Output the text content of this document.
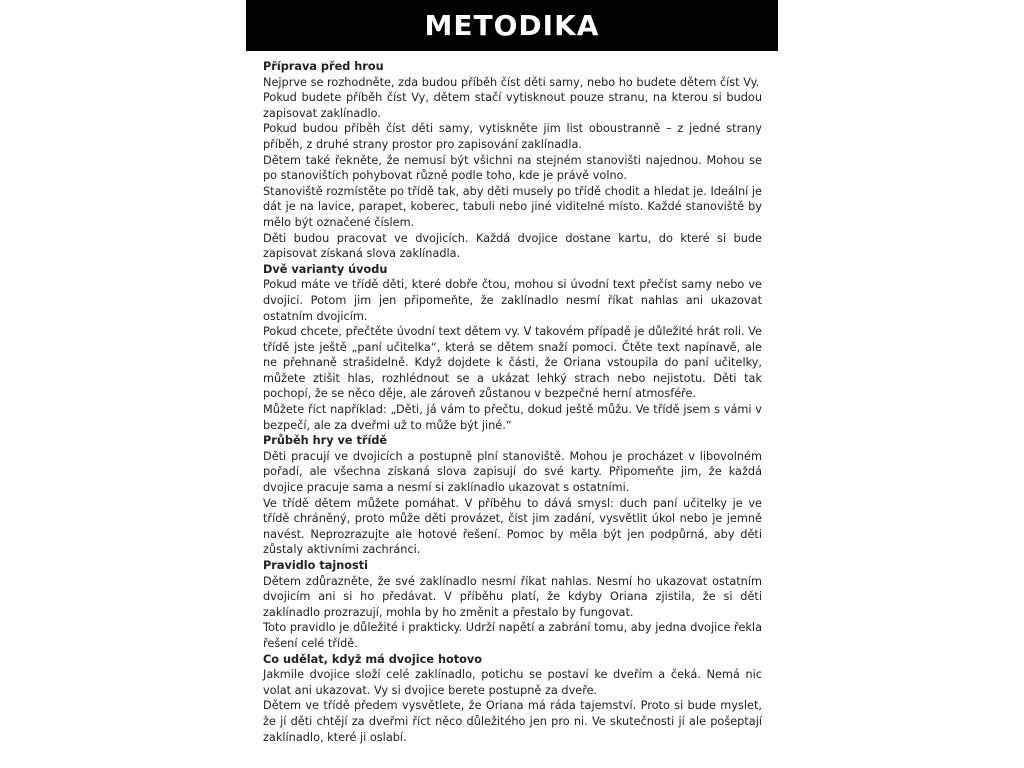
METODIKA

Příprava před hrou

Nejprve se rozhodněte, zda budou příběh číst děti samy, nebo ho budete dětem číst Vy.

Pokud budete příběh číst Vy, dětem stačí vytisknout pouze stranu, na kterou si budou zapisovat zaklínadlo.

Pokud budou příběh číst děti samy, vytiskněte jim list oboustranně – z jedné strany příběh, z druhé strany prostor pro zapisování zaklínadla.

Dětem také řekněte, že nemusí být všichni na stejném stanovišti najednou. Mohou se po stanovištích pohybovat různě podle toho, kde je právě volno.

Stanoviště rozmístěte po třídě tak, aby děti musely po třídě chodit a hledat je. Ideální je dát je na lavice, parapet, koberec, tabuli nebo jiné viditelné místo. Každé stanoviště by mělo být označené číslem.

Děti budou pracovat ve dvojicích. Každá dvojice dostane kartu, do které si bude zapisovat získaná slova zaklínadla.

Dvě varianty úvodu

Pokud máte ve třídě děti, které dobře čtou, mohou si úvodní text přečíst samy nebo ve dvojici. Potom jim jen připomeňte, že zaklínadlo nesmí říkat nahlas ani ukazovat ostatním dvojicím.

Pokud chcete, přečtěte úvodní text dětem vy. V takovém případě je důležité hrát roli. Ve třídě jste ještě „paní učitelka“, která se dětem snaží pomoci. Čtěte text napínavě, ale ne přehnaně strašidelně. Když dojdete k části, že Oriana vstoupila do paní učitelky, můžete ztišit hlas, rozhlédnout se a ukázat lehký strach nebo nejistotu. Děti tak pochopí, že se něco děje, ale zároveň zůstanou v bezpečné herní atmosféře.

Můžete říct například: „Děti, já vám to přečtu, dokud ještě můžu. Ve třídě jsem s vámi v bezpečí, ale za dveřmi už to může být jiné.“

Průběh hry ve třídě

Děti pracují ve dvojicích a postupně plní stanoviště. Mohou je procházet v libovolném pořadí, ale všechna získaná slova zapisují do své karty. Připomeňte jim, že každá dvojice pracuje sama a nesmí si zaklínadlo ukazovat s ostatními.

Ve třídě dětem můžete pomáhat. V příběhu to dává smysl: duch paní učitelky je ve třídě chráněný, proto může děti provázet, číst jim zadání, vysvětlit úkol nebo je jemně navést. Neprozrazujte ale hotové řešení. Pomoc by měla být jen podpůrná, aby děti zůstaly aktivními zachránci.

Pravidlo tajnosti

Dětem zdůrazněte, že své zaklínadlo nesmí říkat nahlas. Nesmí ho ukazovat ostatním dvojicím ani si ho předávat. V příběhu platí, že kdyby Oriana zjistila, že si děti zaklínadlo prozrazují, mohla by ho změnit a přestalo by fungovat.

Toto pravidlo je důležité i prakticky. Udrží napětí a zabrání tomu, aby jedna dvojice řekla řešení celé třídě.

Co udělat, když má dvojice hotovo

Jakmile dvojice složí celé zaklínadlo, potichu se postaví ke dveřím a čeká. Nemá nic volat ani ukazovat. Vy si dvojice berete postupně za dveře.

Dětem ve třídě předem vysvětlete, že Oriana má ráda tajemství. Proto si bude myslet, že jí děti chtějí za dveřmi říct něco důležitého jen pro ni. Ve skutečnosti jí ale pošeptají zaklínadlo, které ji oslabí.
